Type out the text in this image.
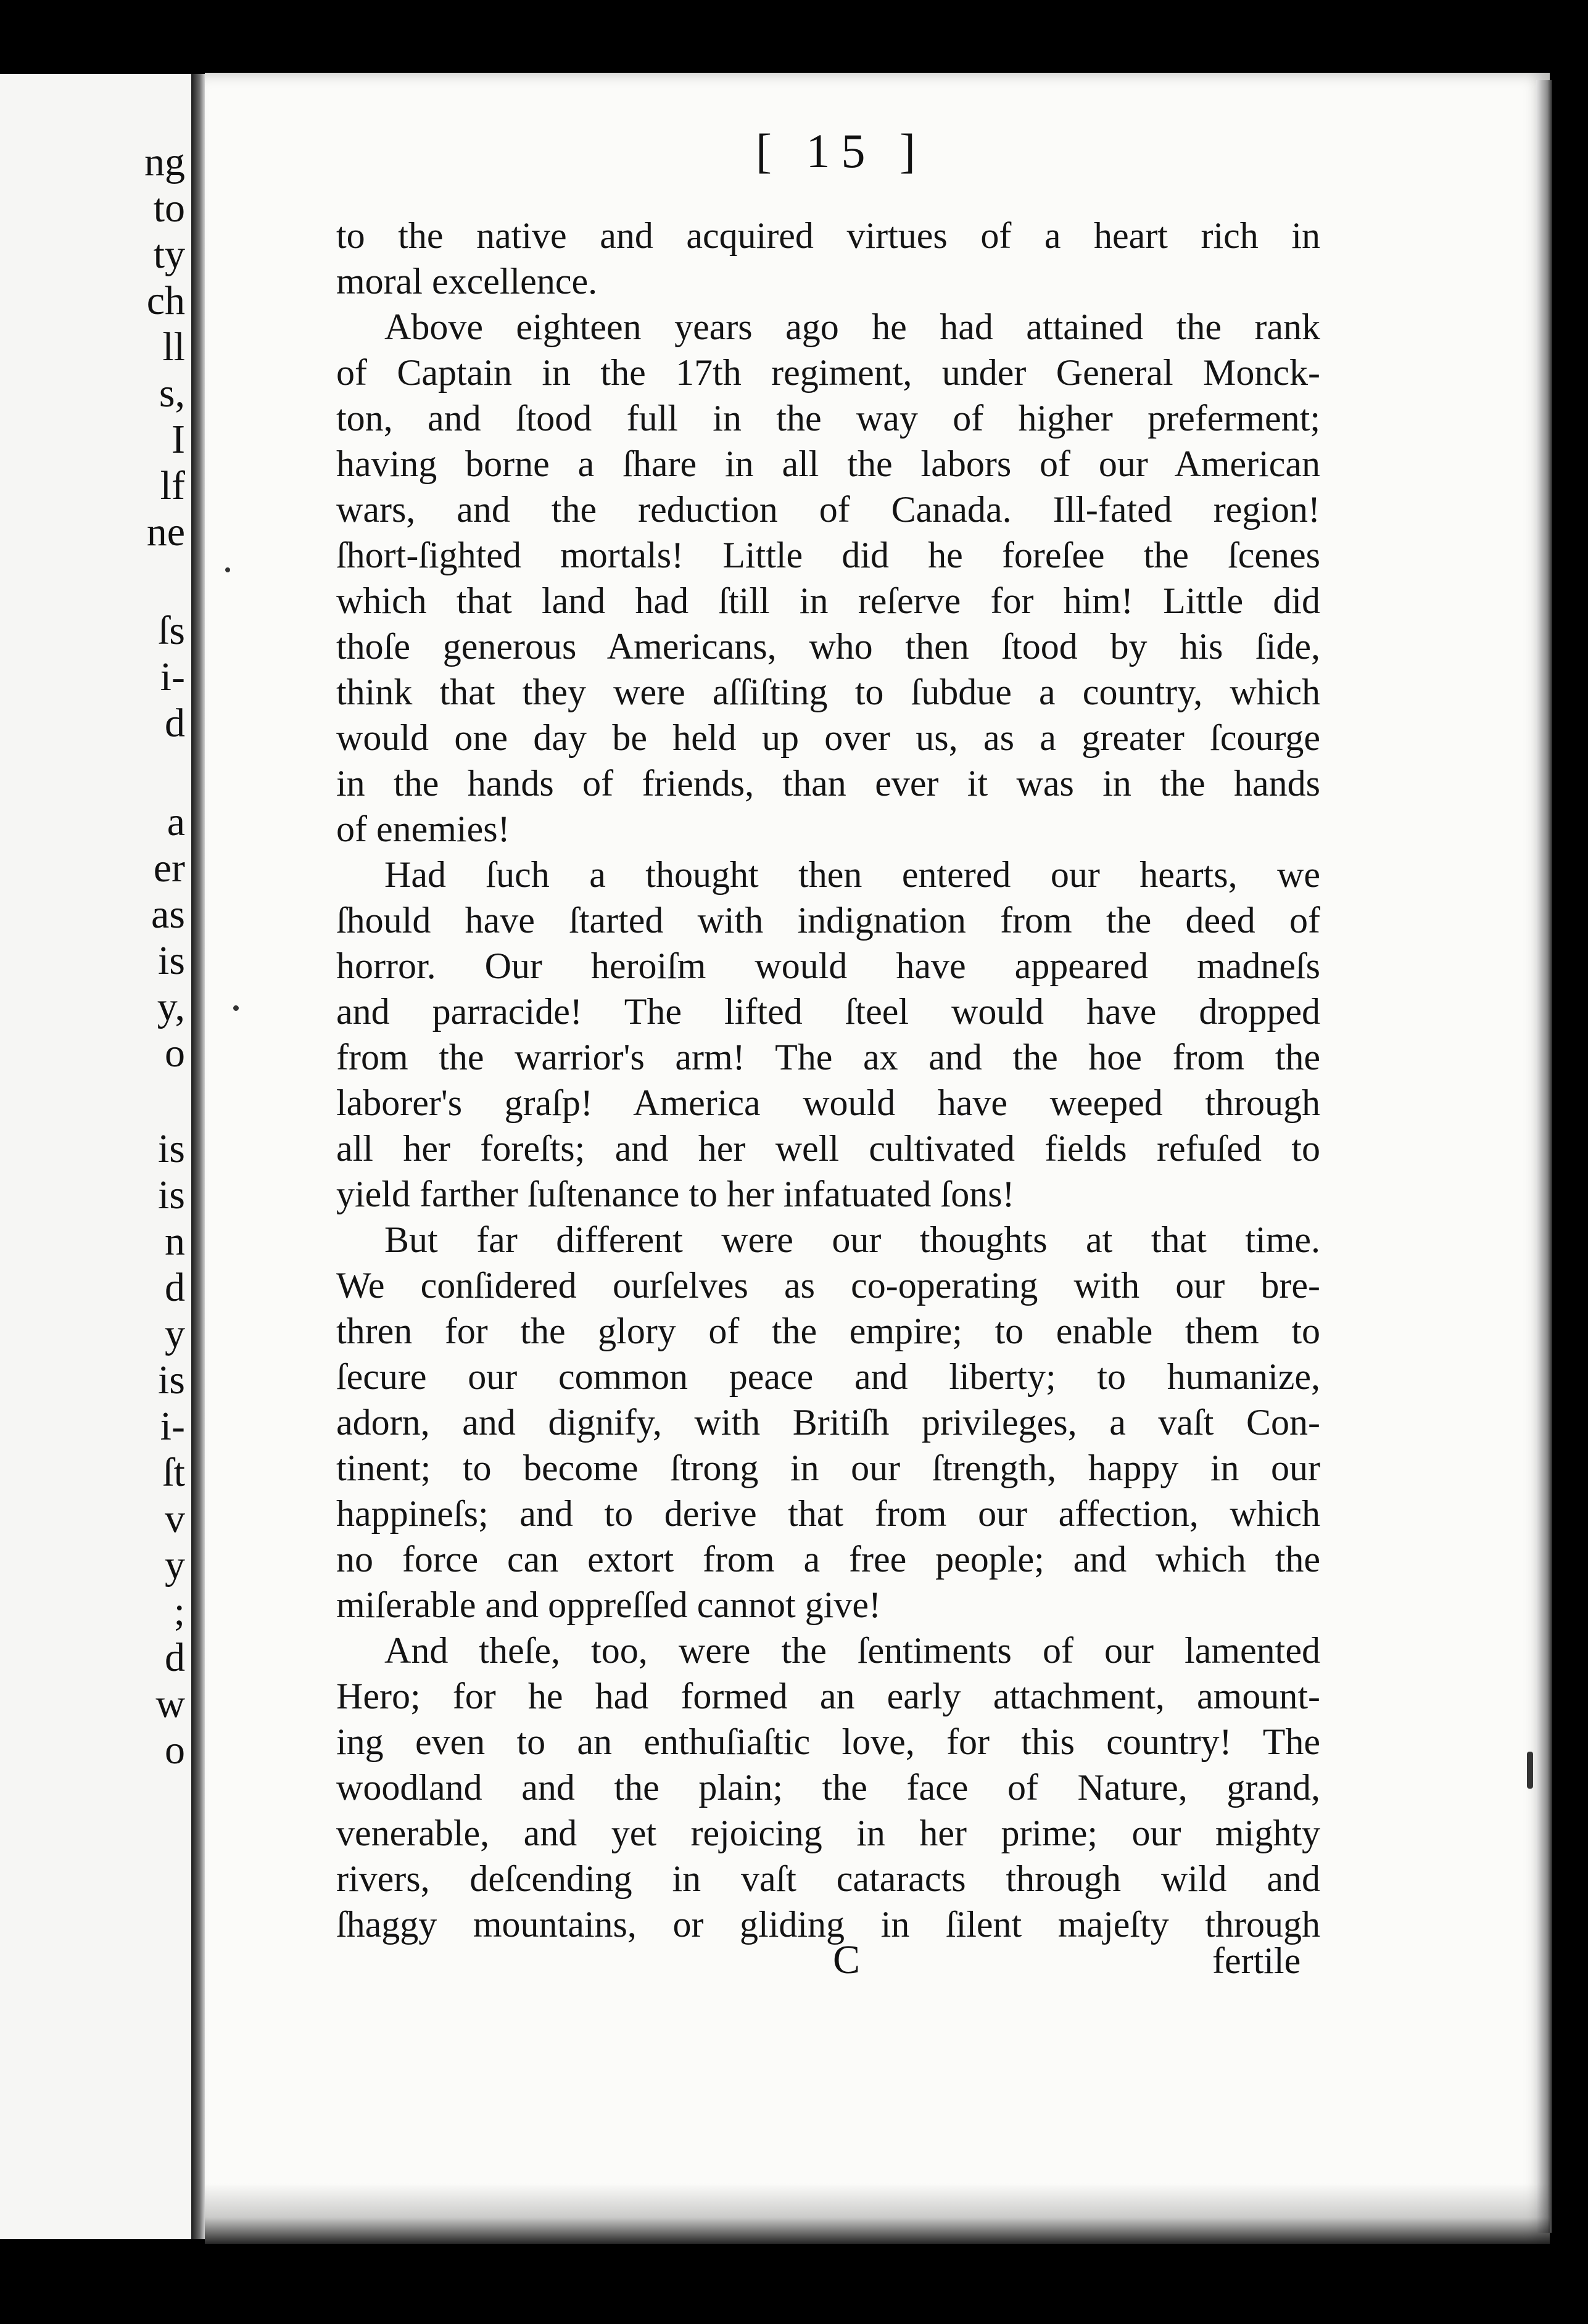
ng
to
ty
ch
ll
s,
I
lf
ne
ſs
i-
d
a
er
as
is
y,
o
is
is
n
d
y
is
i-
ſt
v
y
;
d
w
o
[ 15 ]
to the native and acquired virtues of a heart rich in
moral excellence.
Above eighteen years ago he had attained the rank
of Captain in the 17th regiment, under General Monck-
ton, and ſtood full in the way of higher preferment;
having borne a ſhare in all the labors of our American
wars, and the reduction of Canada. Ill-fated region!
ſhort-ſighted mortals! Little did he foreſee the ſcenes
which that land had ſtill in reſerve for him! Little did
thoſe generous Americans, who then ſtood by his ſide,
think that they were aſſiſting to ſubdue a country, which
would one day be held up over us, as a greater ſcourge
in the hands of friends, than ever it was in the hands
of enemies!
Had ſuch a thought then entered our hearts, we
ſhould have ſtarted with indignation from the deed of
horror. Our heroiſm would have appeared madneſs
and parracide! The lifted ſteel would have dropped
from the warrior's arm! The ax and the hoe from the
laborer's graſp! America would have weeped through
all her foreſts; and her well cultivated fields refuſed to
yield farther ſuſtenance to her infatuated ſons!
But far different were our thoughts at that time.
We conſidered ourſelves as co-operating with our bre-
thren for the glory of the empire; to enable them to
ſecure our common peace and liberty; to humanize,
adorn, and dignify, with Britiſh privileges, a vaſt Con-
tinent; to become ſtrong in our ſtrength, happy in our
happineſs; and to derive that from our affection, which
no force can extort from a free people; and which the
miſerable and oppreſſed cannot give!
And theſe, too, were the ſentiments of our lamented
Hero; for he had formed an early attachment, amount-
ing even to an enthuſiaſtic love, for this country! The
woodland and the plain; the face of Nature, grand,
venerable, and yet rejoicing in her prime; our mighty
rivers, deſcending in vaſt cataracts through wild and
ſhaggy mountains, or gliding in ſilent majeſty through
C	fertile
